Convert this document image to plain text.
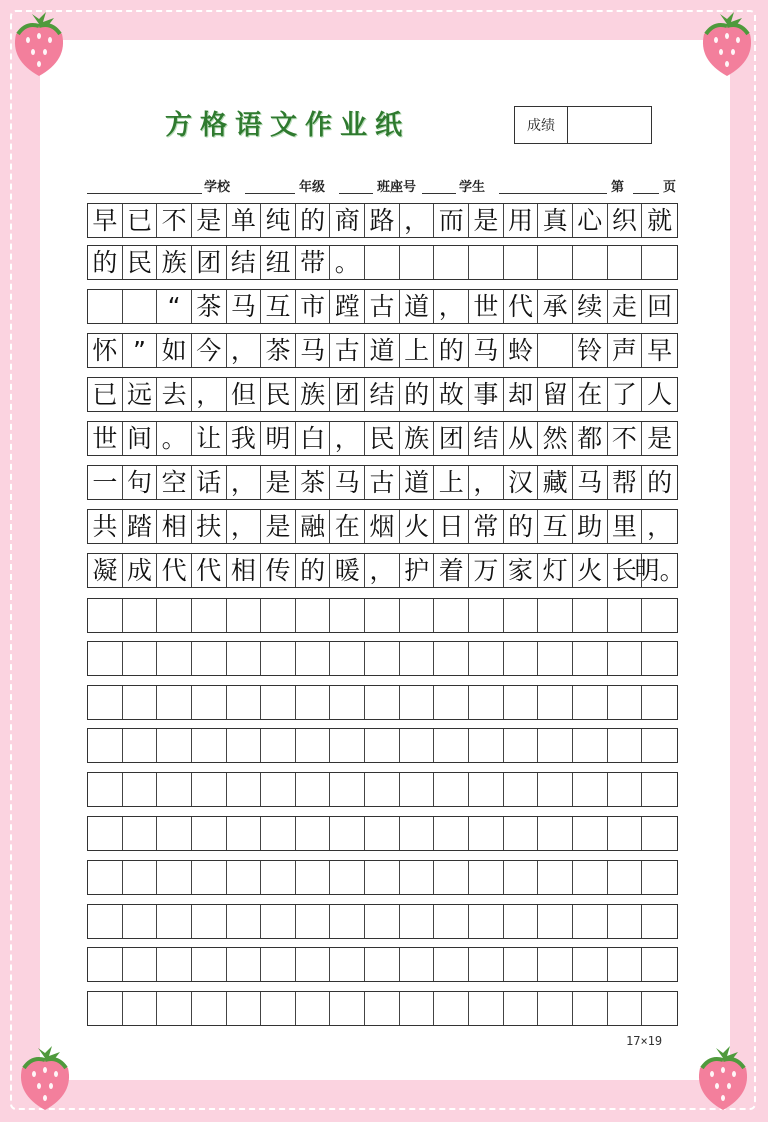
方格语文作业纸	成绩
学校	年级	班座号	学生	第	页
早 已 不 是 单 纯 的 商 路 ， 而 是 用 真 心 织 就
的 民 族 团 结 纽 带 。
“ 茶 马 互 市 蹚 古 道 ， 世 代 承 续 走 回
怀 ” 如 今 ， 茶 马 古 道 上 的 马 蛉 铃 声 早
已 远 去 ， 但 民 族 团 结 的 故 事 却 留 在 了 人
世 间 。 让 我 明 白 ， 民 族 团 结 从 然 都 不 是
一 句 空 话 ， 是 茶 马 古 道 上 ， 汉 藏 马 帮 的
共 踏 相 扶 ， 是 融 在 烟 火 日 常 的 互 助 里 ，
凝 成 代 代 相 传 的 暖 ， 护 着 万 家 灯 火 长
明。
17×19
